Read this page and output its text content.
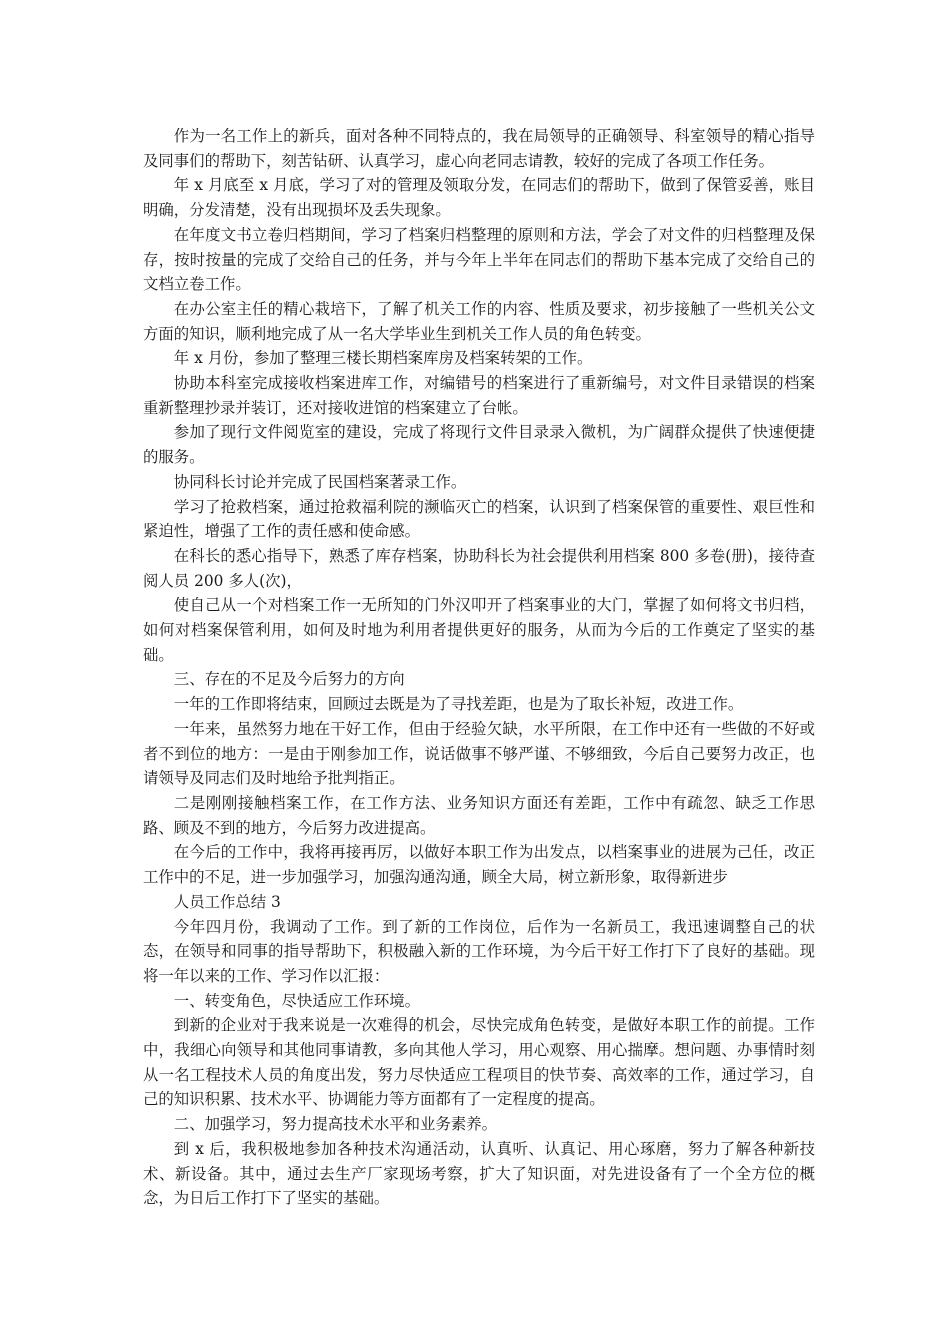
作为一名工作上的新兵，面对各种不同特点的，我在局领导的正确领导、科室领导的精心指导及同事们的帮助下，刻苦钻研、认真学习，虚心向老同志请教，较好的完成了各项工作任务。

年 x 月底至 x 月底，学习了对的管理及领取分发，在同志们的帮助下，做到了保管妥善，账目明确，分发清楚，没有出现损坏及丢失现象。

在年度文书立卷归档期间，学习了档案归档整理的原则和方法，学会了对文件的归档整理及保存，按时按量的完成了交给自己的任务，并与今年上半年在同志们的帮助下基本完成了交给自己的文档立卷工作。

在办公室主任的精心栽培下，了解了机关工作的内容、性质及要求，初步接触了一些机关公文方面的知识，顺利地完成了从一名大学毕业生到机关工作人员的角色转变。

年 x 月份，参加了整理三楼长期档案库房及档案转架的工作。

协助本科室完成接收档案进库工作，对编错号的档案进行了重新编号，对文件目录错误的档案重新整理抄录并装订，还对接收进馆的档案建立了台帐。

参加了现行文件阅览室的建设，完成了将现行文件目录录入微机，为广阔群众提供了快速便捷的服务。

协同科长讨论并完成了民国档案著录工作。

学习了抢救档案，通过抢救福利院的濒临灭亡的档案，认识到了档案保管的重要性、艰巨性和紧迫性，增强了工作的责任感和使命感。

在科长的悉心指导下，熟悉了库存档案，协助科长为社会提供利用档案 800 多卷(册)，接待查阅人员 200 多人(次)，

使自己从一个对档案工作一无所知的门外汉叩开了档案事业的大门，掌握了如何将文书归档，如何对档案保管利用，如何及时地为利用者提供更好的服务，从而为今后的工作奠定了坚实的基础。

三、存在的不足及今后努力的方向

一年的工作即将结束，回顾过去既是为了寻找差距，也是为了取长补短，改进工作。

一年来，虽然努力地在干好工作，但由于经验欠缺，水平所限，在工作中还有一些做的不好或者不到位的地方：一是由于刚参加工作，说话做事不够严谨、不够细致，今后自己要努力改正，也请领导及同志们及时地给予批判指正。

二是刚刚接触档案工作，在工作方法、业务知识方面还有差距，工作中有疏忽、缺乏工作思路、顾及不到的地方，今后努力改进提高。

在今后的工作中，我将再接再厉，以做好本职工作为出发点，以档案事业的进展为己任，改正工作中的不足，进一步加强学习，加强沟通沟通，顾全大局，树立新形象，取得新进步

人员工作总结 3

今年四月份，我调动了工作。到了新的工作岗位，后作为一名新员工，我迅速调整自己的状态，在领导和同事的指导帮助下，积极融入新的工作环境，为今后干好工作打下了良好的基础。现将一年以来的工作、学习作以汇报：

一、转变角色，尽快适应工作环境。

到新的企业对于我来说是一次难得的机会，尽快完成角色转变，是做好本职工作的前提。工作中，我细心向领导和其他同事请教，多向其他人学习，用心观察、用心揣摩。想问题、办事情时刻从一名工程技术人员的角度出发，努力尽快适应工程项目的快节奏、高效率的工作，通过学习，自己的知识积累、技术水平、协调能力等方面都有了一定程度的提高。

二、加强学习，努力提高技术水平和业务素养。

到 x 后，我积极地参加各种技术沟通活动，认真听、认真记、用心琢磨，努力了解各种新技术、新设备。其中，通过去生产厂家现场考察，扩大了知识面，对先进设备有了一个全方位的概念，为日后工作打下了坚实的基础。
